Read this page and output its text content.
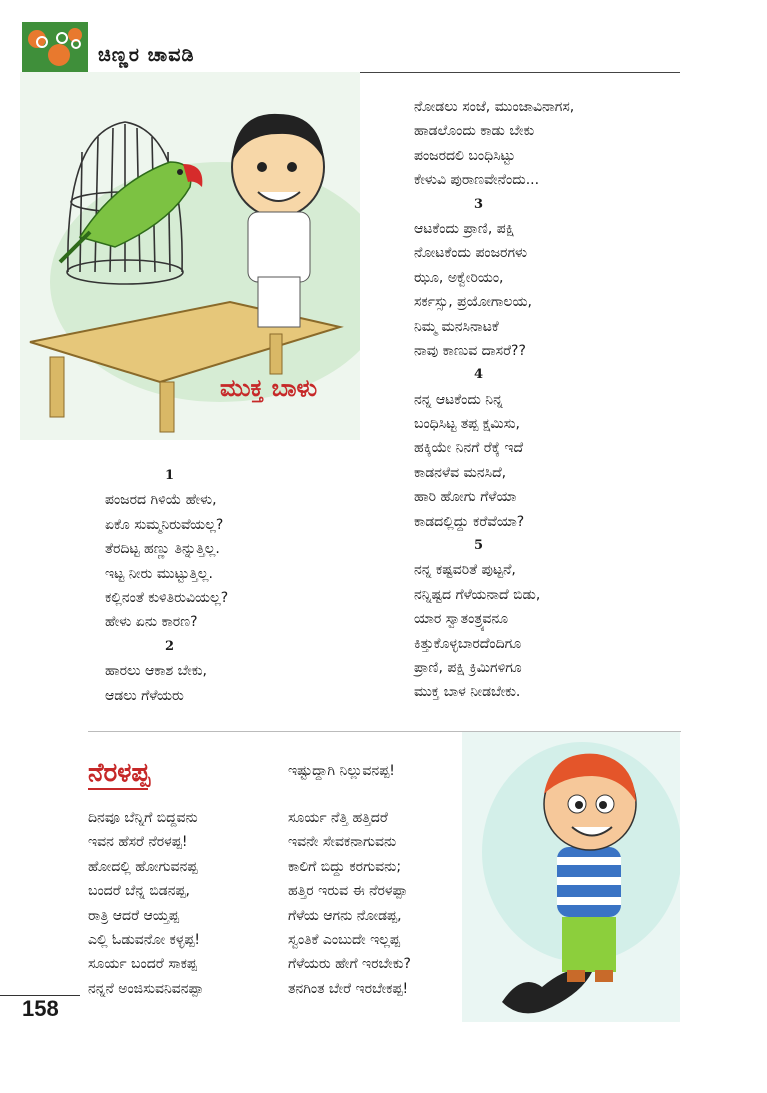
ಚಿಣ್ಣರ ಚಾವಡಿ
ಮುಕ್ತ ಬಾಳು
1
ಪಂಜರದ ಗಿಳಿಯೆ ಹೇಳು,
ಏಕೊ ಸುಮ್ಮನಿರುವೆಯಲ್ಲ?
ತೆರದಿಟ್ಟ ಹಣ್ಣು ತಿನ್ನುತ್ತಿಲ್ಲ.
ಇಟ್ಟ ನೀರು ಮುಟ್ಟುತ್ತಿಲ್ಲ.
ಕಲ್ಲಿನಂತೆ ಕುಳಿತಿರುವಿಯಲ್ಲ?
ಹೇಳು ಏನು ಕಾರಣ?
2
ಹಾರಲು ಆಕಾಶ ಬೇಕು,
ಆಡಲು ಗೆಳೆಯರು
ನೋಡಲು ಸಂಜೆ, ಮುಂಜಾವಿನಾಗಸ,
ಹಾಡಲೊಂದು ಕಾಡು ಬೇಕು
ಪಂಜರದಲಿ ಬಂಧಿಸಿಟ್ಟು
ಕೇಳುವಿ ಪುರಾಣವೇನೆಂದು...
3
ಆಟಕೆಂದು ಪ್ರಾಣಿ, ಪಕ್ಷಿ
ನೋಟಕೆಂದು ಪಂಜರಗಳು
ಝೂ, ಅಕ್ವೇರಿಯಂ,
ಸರ್ಕಸ್ಸು, ಪ್ರಯೋಗಾಲಯ,
ನಿಮ್ಮ ಮನಸಿನಾಟಕೆ
ನಾವು ಕಾಣುವ ದಾಸರೆ??
4
ನನ್ನ ಆಟಕೆಂದು ನಿನ್ನ
ಬಂಧಿಸಿಟ್ಟ ತಪ್ಪ ಕ್ಷಮಿಸು,
ಹಕ್ಕಿಯೇ ನಿನಗೆ ರೆಕ್ಕೆ ಇದೆ
ಕಾಡನಳೆವ ಮನಸಿದೆ,
ಹಾರಿ ಹೋಗು ಗೆಳೆಯಾ
ಕಾಡದಲ್ಲಿದ್ದು ಕರೆವೆಯಾ?
5
ನನ್ನ ಕಷ್ಟವರಿತೆ ಪುಟ್ಟನೆ,
ನನ್ನಿಷ್ಟದ ಗೆಳೆಯನಾದೆ ಬಿಡು,
ಯಾರ ಸ್ವಾತಂತ್ರ್ಯವನೂ
ಕಿತ್ತುಕೊಳ್ಳಬಾರದೆಂದಿಗೂ
ಪ್ರಾಣಿ, ಪಕ್ಷಿ ಕ್ರಿಮಿಗಳಿಗೂ
ಮುಕ್ತ ಬಾಳ ನೀಡಬೇಕು.
ನೆರಳಪ್ಪ
ದಿನವೂ ಬೆನ್ನಿಗೆ ಬಿದ್ದವನು
ಇವನ ಹೆಸರೆ ನೆರಳಪ್ಪ!
ಹೋದಲ್ಲಿ ಹೋಗುವನಪ್ಪ
ಬಂದರೆ ಬೆನ್ನ ಬಿಡನಪ್ಪ,
ರಾತ್ರಿ ಆದರೆ ಆಯ್ತಪ್ಪ
ಎಲ್ಲಿ ಓಡುವನೋ ಕಳ್ಳಪ್ಪ!
ಸೂರ್ಯ ಬಂದರೆ ಸಾಕಪ್ಪ
ನನ್ನನೆ ಅಂಜಿಸುವನಿವನಪ್ಪಾ
ಇಷ್ಟುದ್ದಾಗಿ ನಿಲ್ಲುವನಪ್ಪ!
ಸೂರ್ಯ ನೆತ್ತಿ ಹತ್ತಿದರೆ
ಇವನೇ ಸೇವಕನಾಗುವನು
ಕಾಲಿಗೆ ಬಿದ್ದು ಕರಗುವನು;
ಹತ್ತಿರ ಇರುವ ಈ ನೆರಳಪ್ಪಾ
ಗೆಳೆಯ ಆಗನು ನೋಡಪ್ಪ,
ಸ್ವಂತಿಕೆ ಎಂಬುದೇ ಇಲ್ಲಪ್ಪ
ಗೆಳೆಯರು ಹೇಗೆ ಇರಬೇಕು?
ತನಗಿಂತ ಬೇರೆ ಇರಬೇಕಪ್ಪ!
158
